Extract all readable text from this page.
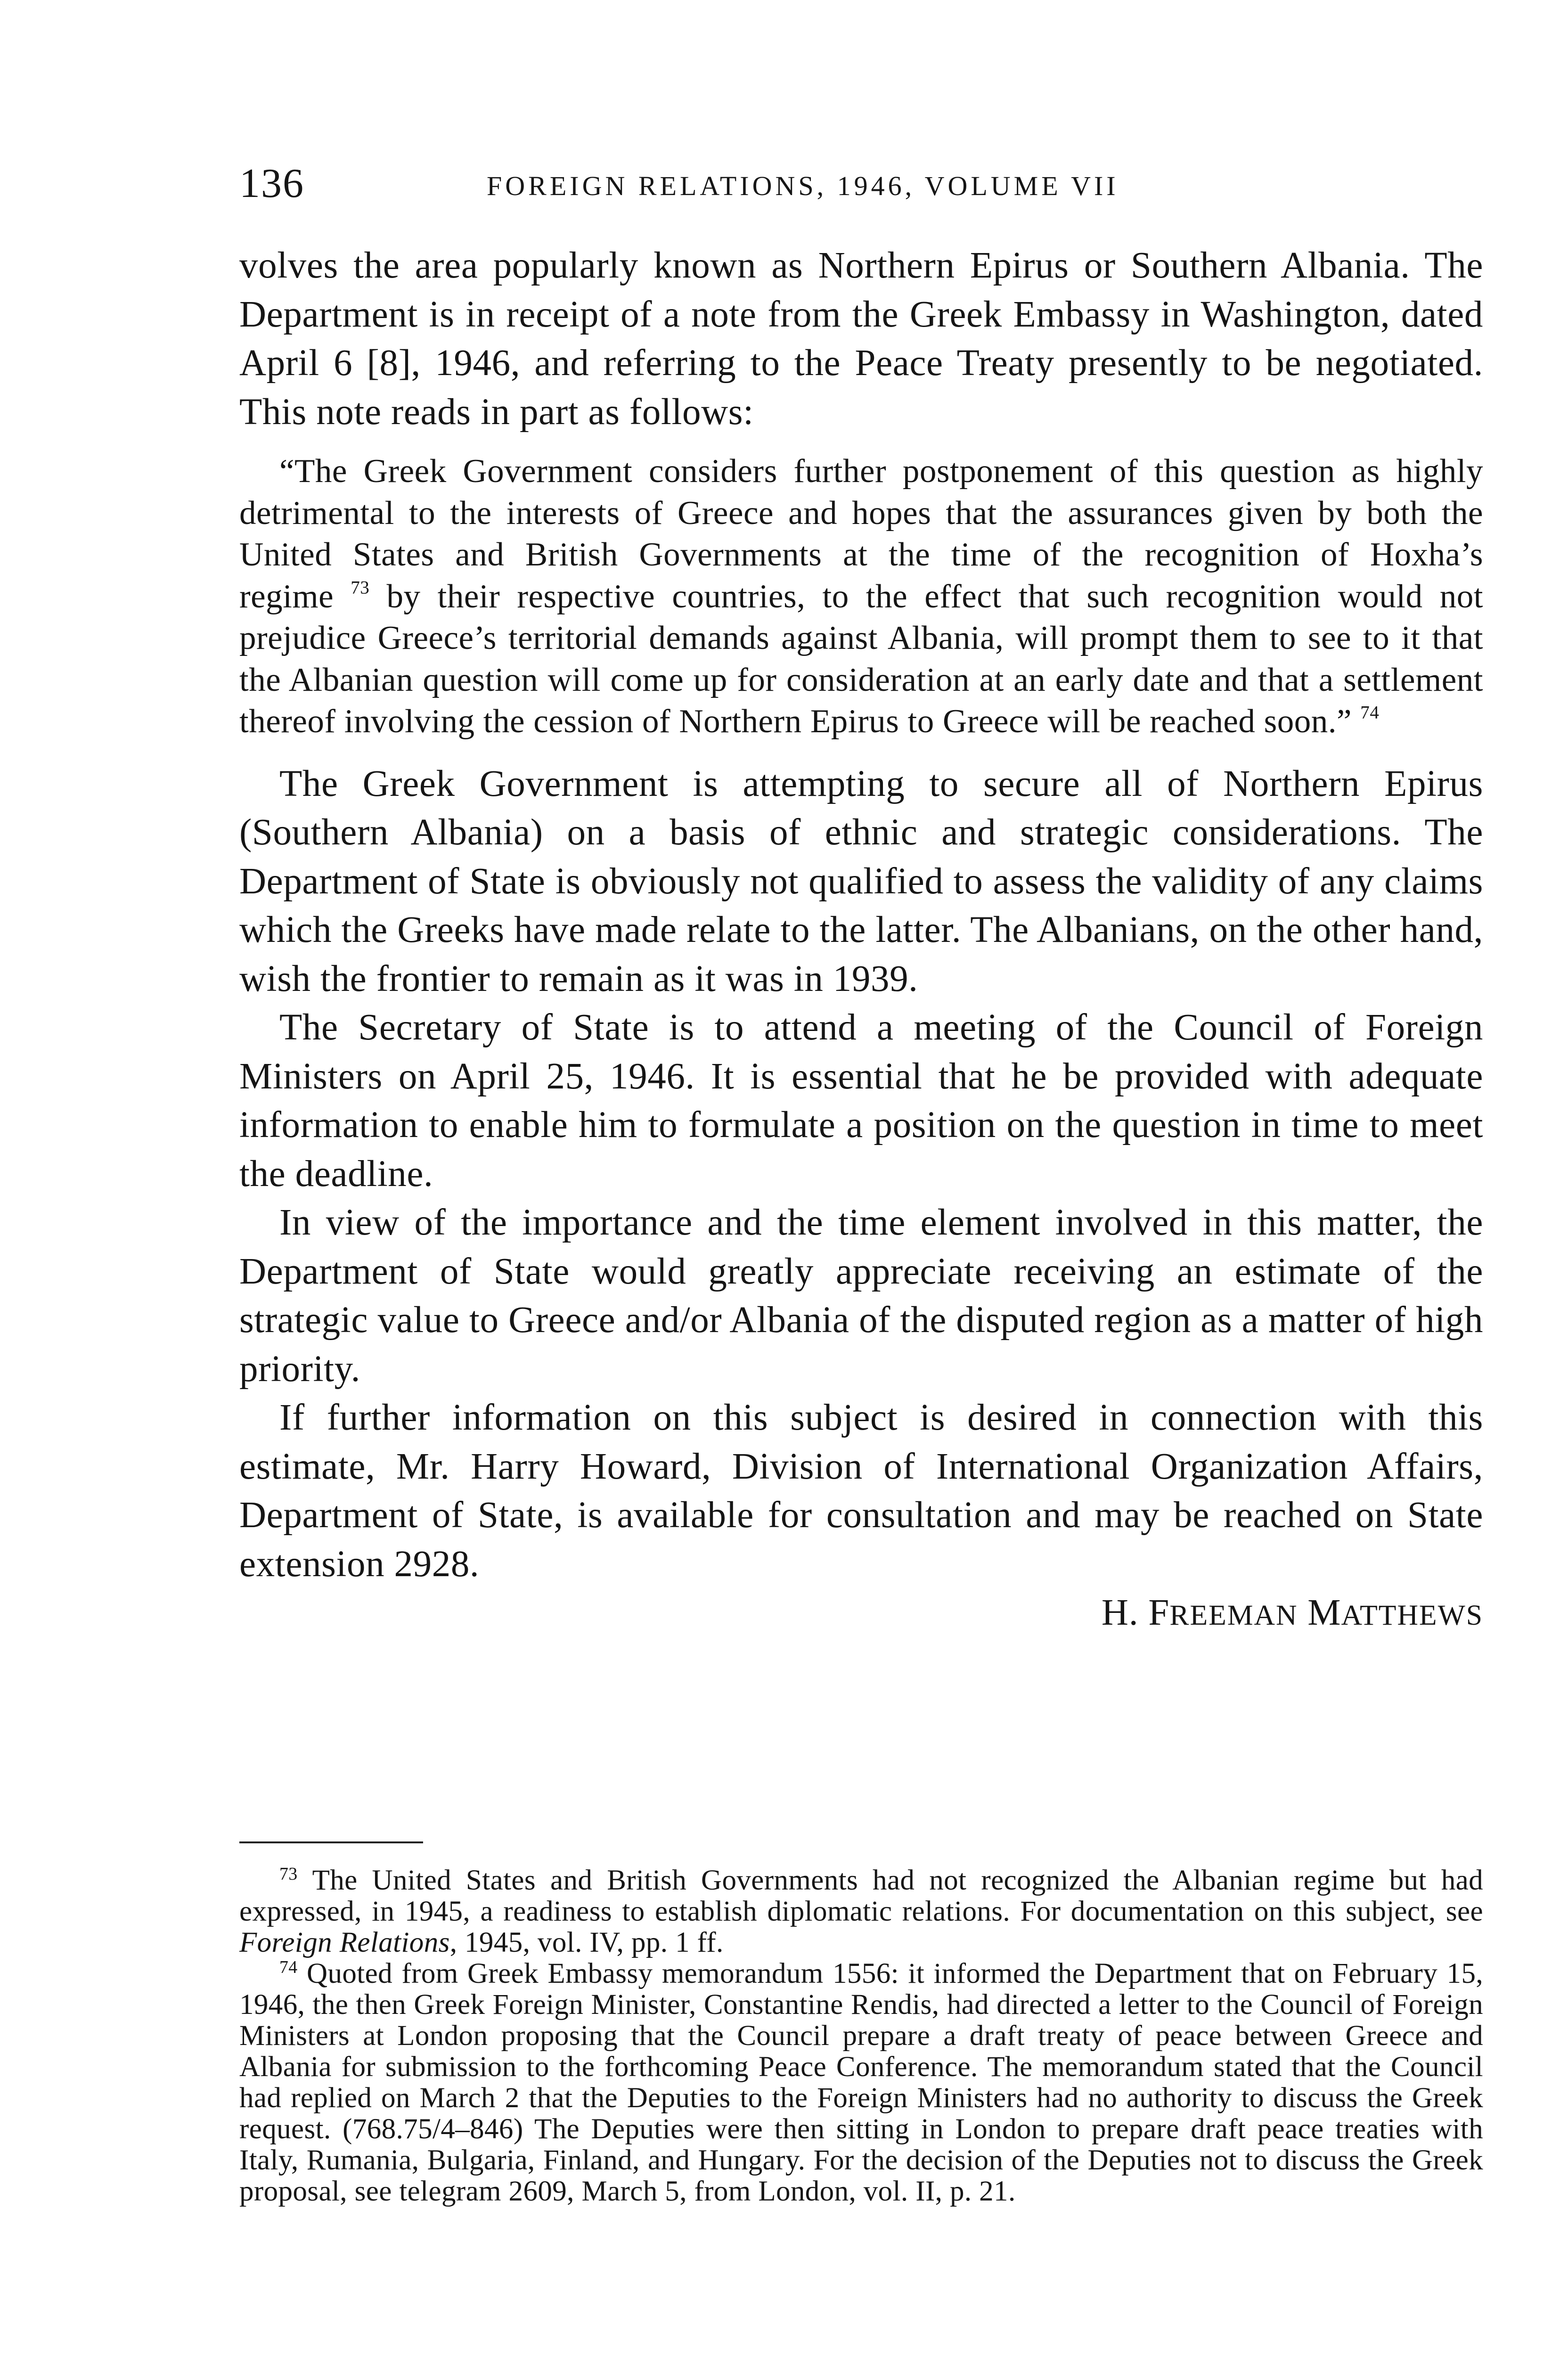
136	FOREIGN RELATIONS, 1946, VOLUME VII

volves the area popularly known as Northern Epirus or Southern Albania. The Department is in receipt of a note from the Greek Embassy in Washington, dated April 6 [8], 1946, and referring to the Peace Treaty presently to be negotiated. This note reads in part as follows:

“The Greek Government considers further postponement of this question as highly detrimental to the interests of Greece and hopes that the assurances given by both the United States and British Governments at the time of the recognition of Hoxha’s regime $^{73}$ by their respective countries, to the effect that such recognition would not prejudice Greece’s territorial demands against Albania, will prompt them to see to it that the Albanian question will come up for consideration at an early date and that a settlement thereof involving the cession of Northern Epirus to Greece will be reached soon.” $^{74}$

The Greek Government is attempting to secure all of Northern Epirus (Southern Albania) on a basis of ethnic and strategic considerations. The Department of State is obviously not qualified to assess the validity of any claims which the Greeks have made relate to the latter. The Albanians, on the other hand, wish the frontier to remain as it was in 1939.

The Secretary of State is to attend a meeting of the Council of Foreign Ministers on April 25, 1946. It is essential that he be provided with adequate information to enable him to formulate a position on the question in time to meet the deadline.

In view of the importance and the time element involved in this matter, the Department of State would greatly appreciate receiving an estimate of the strategic value to Greece and/or Albania of the disputed region as a matter of high priority.

If further information on this subject is desired in connection with this estimate, Mr. Harry Howard, Division of International Organization Affairs, Department of State, is available for consultation and may be reached on State extension 2928.

H. FREEMAN MATTHEWS

$^{73}$ The United States and British Governments had not recognized the Albanian regime but had expressed, in 1945, a readiness to establish diplomatic relations. For documentation on this subject, see Foreign Relations, 1945, vol. IV, pp. 1 ff.

$^{74}$ Quoted from Greek Embassy memorandum 1556: it informed the Department that on February 15, 1946, the then Greek Foreign Minister, Constantine Rendis, had directed a letter to the Council of Foreign Ministers at London proposing that the Council prepare a draft treaty of peace between Greece and Albania for submission to the forthcoming Peace Conference. The memorandum stated that the Council had replied on March 2 that the Deputies to the Foreign Ministers had no authority to discuss the Greek request. (768.75/4–846) The Deputies were then sitting in London to prepare draft peace treaties with Italy, Rumania, Bulgaria, Finland, and Hungary. For the decision of the Deputies not to discuss the Greek proposal, see telegram 2609, March 5, from London, vol. II, p. 21.
